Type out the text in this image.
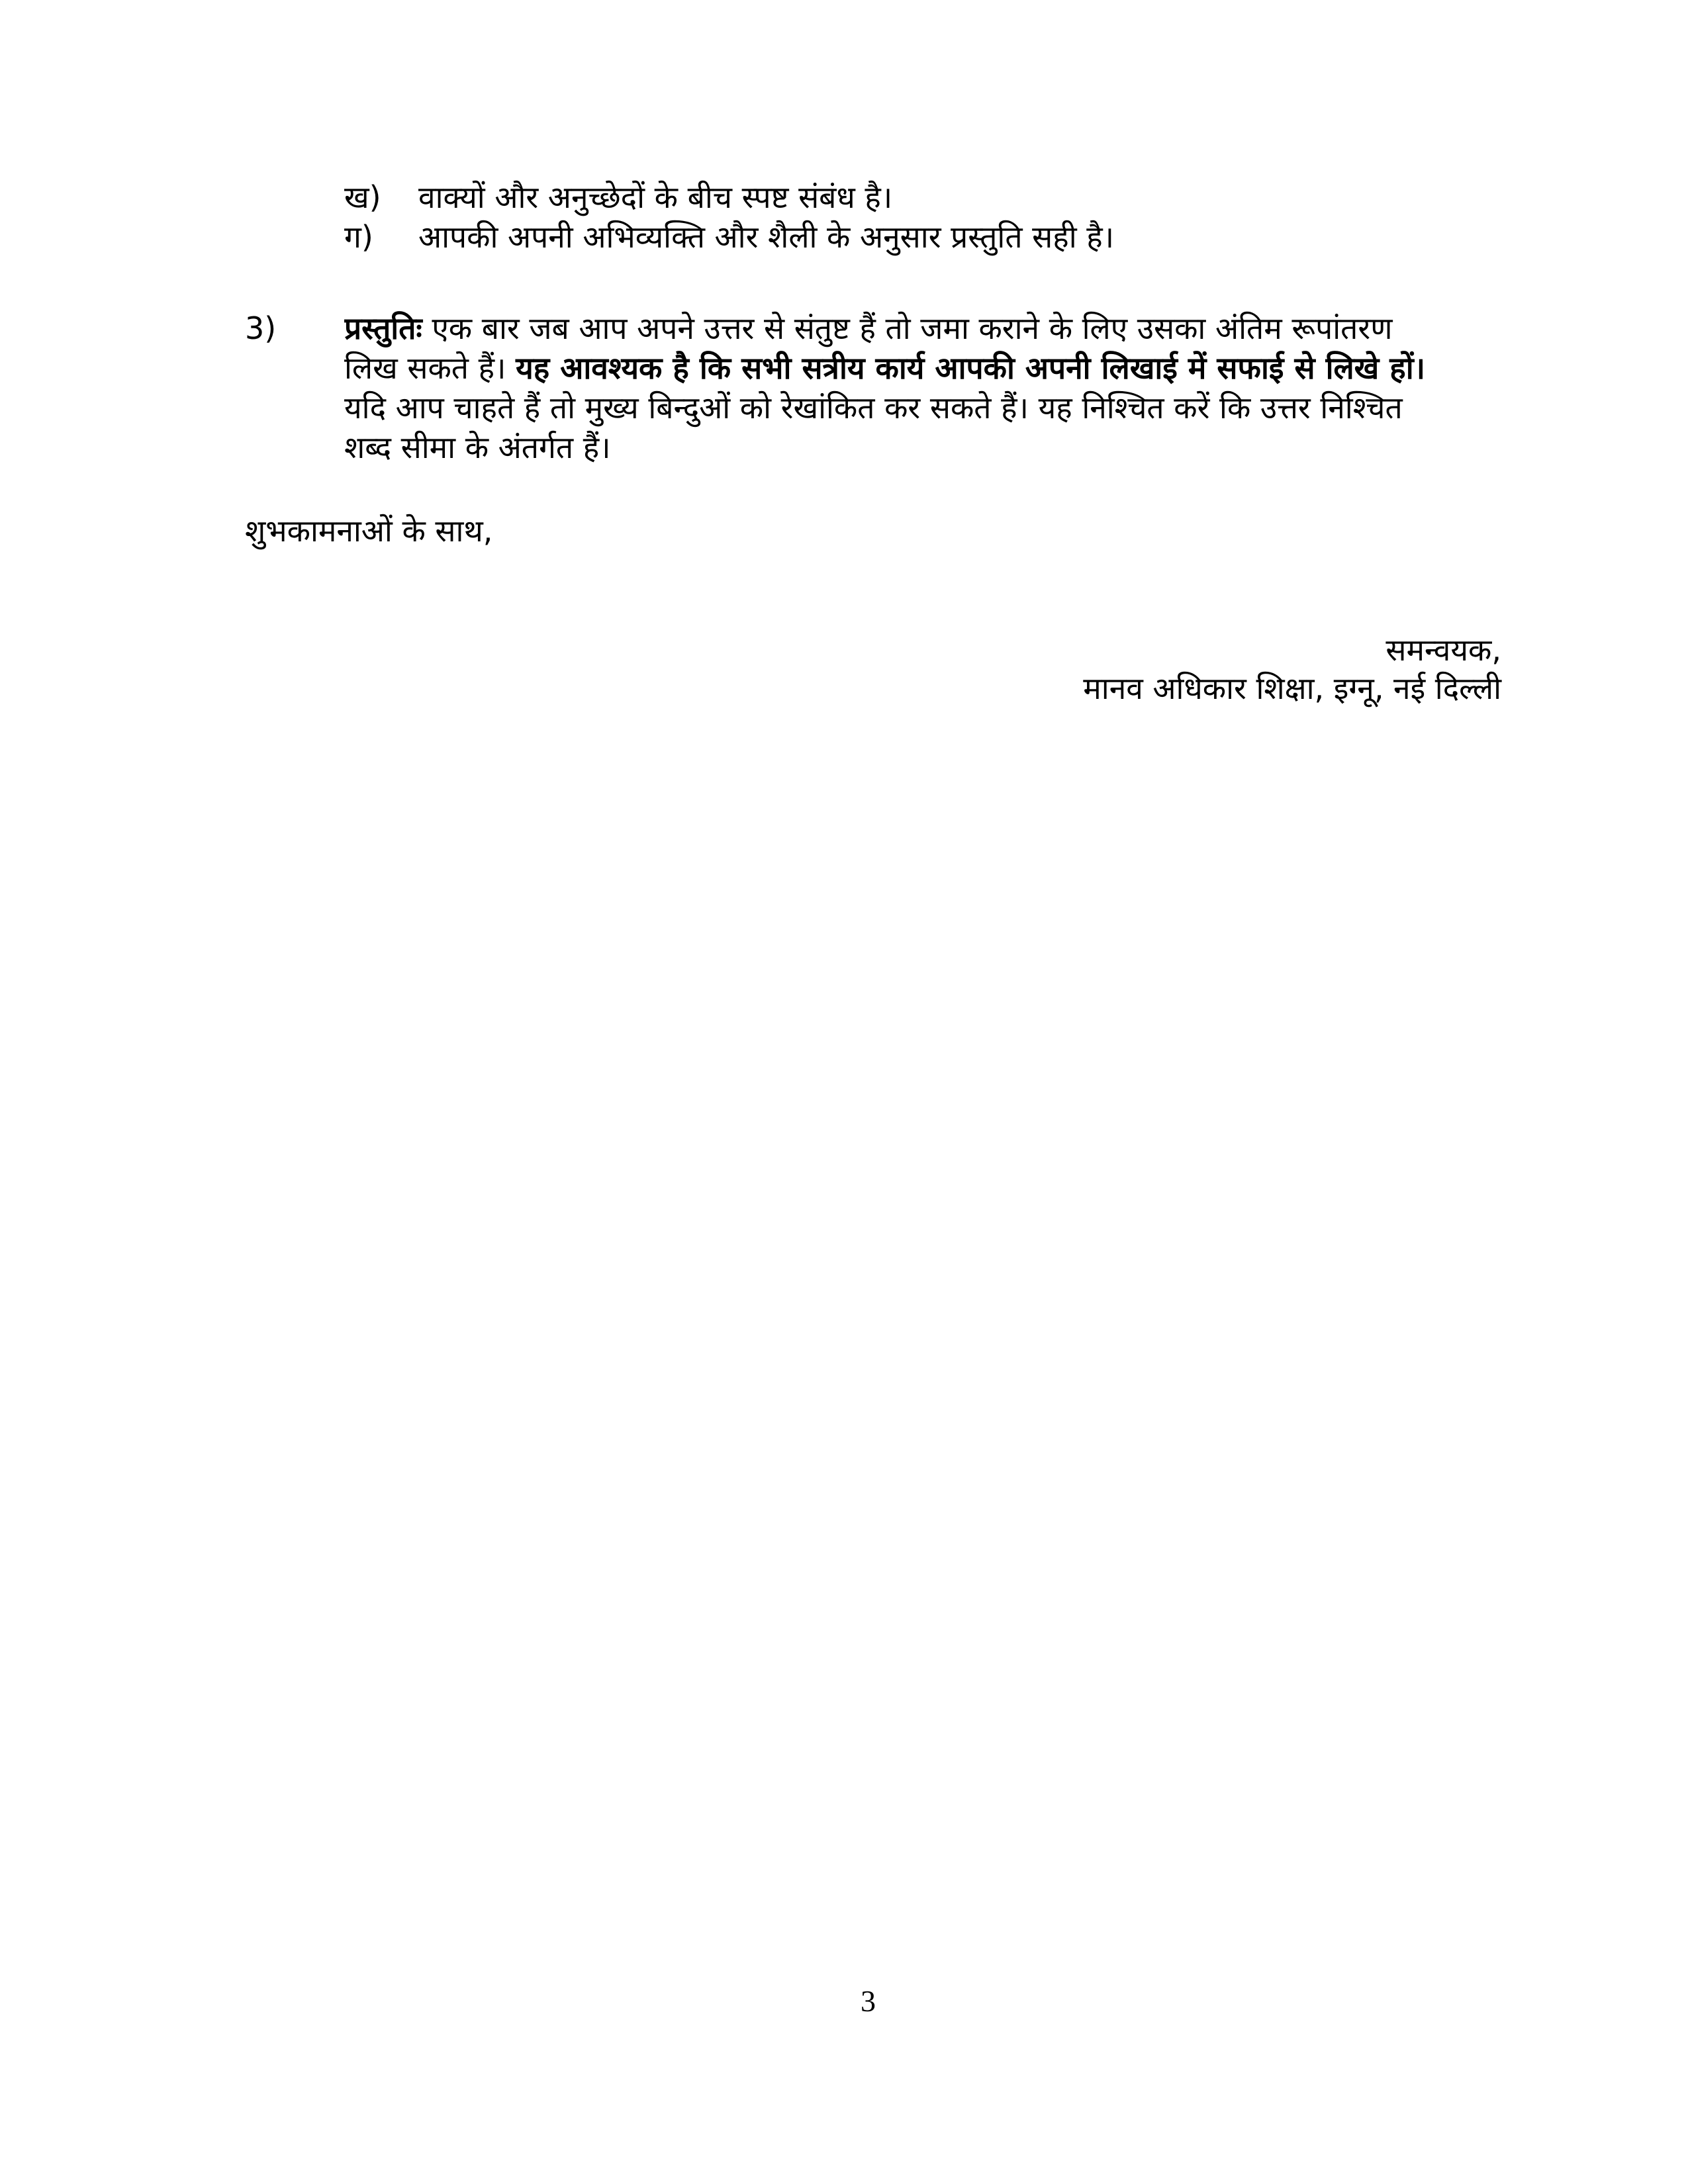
ख) वाक्यों और अनुच्छेदों के बीच स्पष्ट संबंध है।
ग) आपकी अपनी अभिव्यक्ति और शैली के अनुसार प्रस्तुति सही है।
3) प्रस्तुतिः एक बार जब आप अपने उत्तर से संतुष्ट हैं तो जमा कराने के लिए उसका अंतिम रूपांतरण
लिख सकते हैं। यह आवश्यक है कि सभी सत्रीय कार्य आपकी अपनी लिखाई में सफाई से लिखे हों।
यदि आप चाहते हैं तो मुख्य बिन्दुओं को रेखांकित कर सकते हैं। यह निश्चित करें कि उत्तर निश्चित
शब्द सीमा के अंतर्गत हैं।
शुभकामनाओं के साथ,
समन्वयक,
मानव अधिकार शिक्षा, इग्नू, नई दिल्ली
3
